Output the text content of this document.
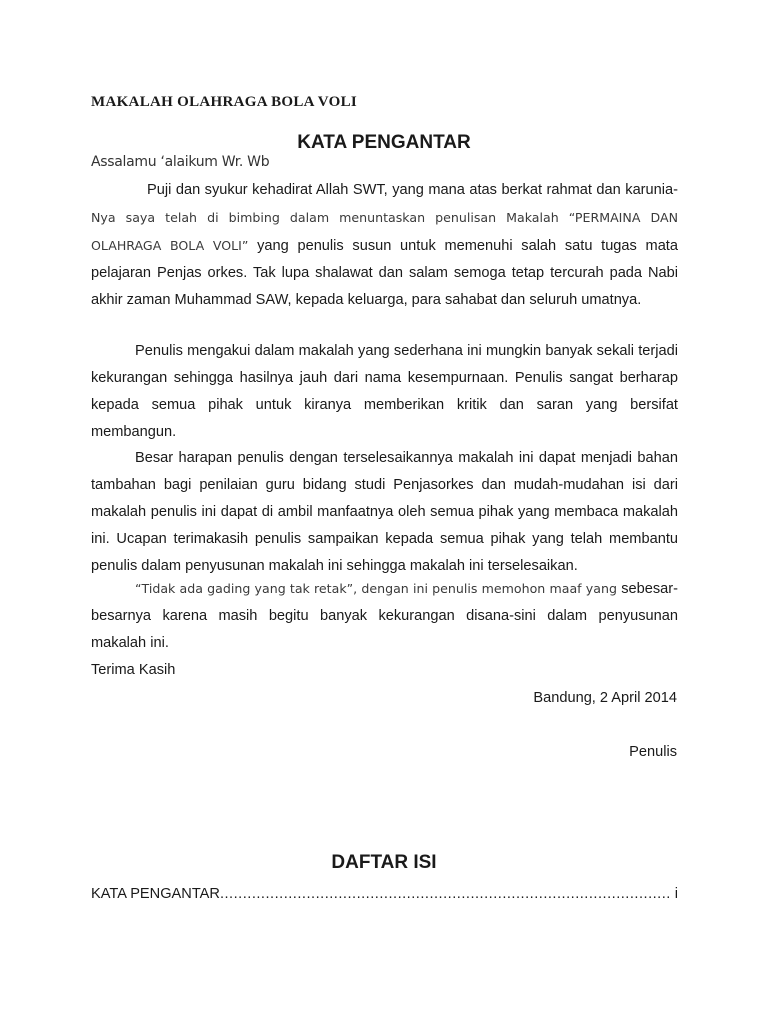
MAKALAH OLAHRAGA BOLA VOLI
KATA PENGANTAR
Assalamu ‘alaikum Wr. Wb

Puji dan syukur kehadirat Allah SWT, yang mana atas berkat rahmat dan karunia-Nya saya telah di bimbing dalam menuntaskan penulisan Makalah “PERMAINA DAN OLAHRAGA BOLA VOLI” yang penulis susun untuk memenuhi salah satu tugas mata pelajaran Penjas orkes. Tak lupa shalawat dan salam semoga tetap tercurah pada Nabi akhir zaman Muhammad SAW, kepada keluarga, para sahabat dan seluruh umatnya.

Penulis mengakui dalam makalah yang sederhana ini mungkin banyak sekali terjadi kekurangan sehingga hasilnya jauh dari nama kesempurnaan. Penulis sangat berharap kepada semua pihak untuk kiranya memberikan kritik dan saran yang bersifat membangun.

Besar harapan penulis dengan terselesaikannya makalah ini dapat menjadi bahan tambahan bagi penilaian guru bidang studi Penjasorkes dan mudah-mudahan isi dari makalah penulis ini dapat di ambil manfaatnya oleh semua pihak yang membaca makalah ini. Ucapan terimakasih penulis sampaikan kepada semua pihak yang telah membantu penulis dalam penyusunan makalah ini sehingga makalah ini terselesaikan.

“Tidak ada gading yang tak retak”, dengan ini penulis memohon maaf yang sebesar-besarnya karena masih begitu banyak kekurangan disana-sini dalam penyusunan makalah ini.

Terima Kasih

Bandung, 2 April 2014

Penulis

DAFTAR ISI
KATA PENGANTAR
.....	i
